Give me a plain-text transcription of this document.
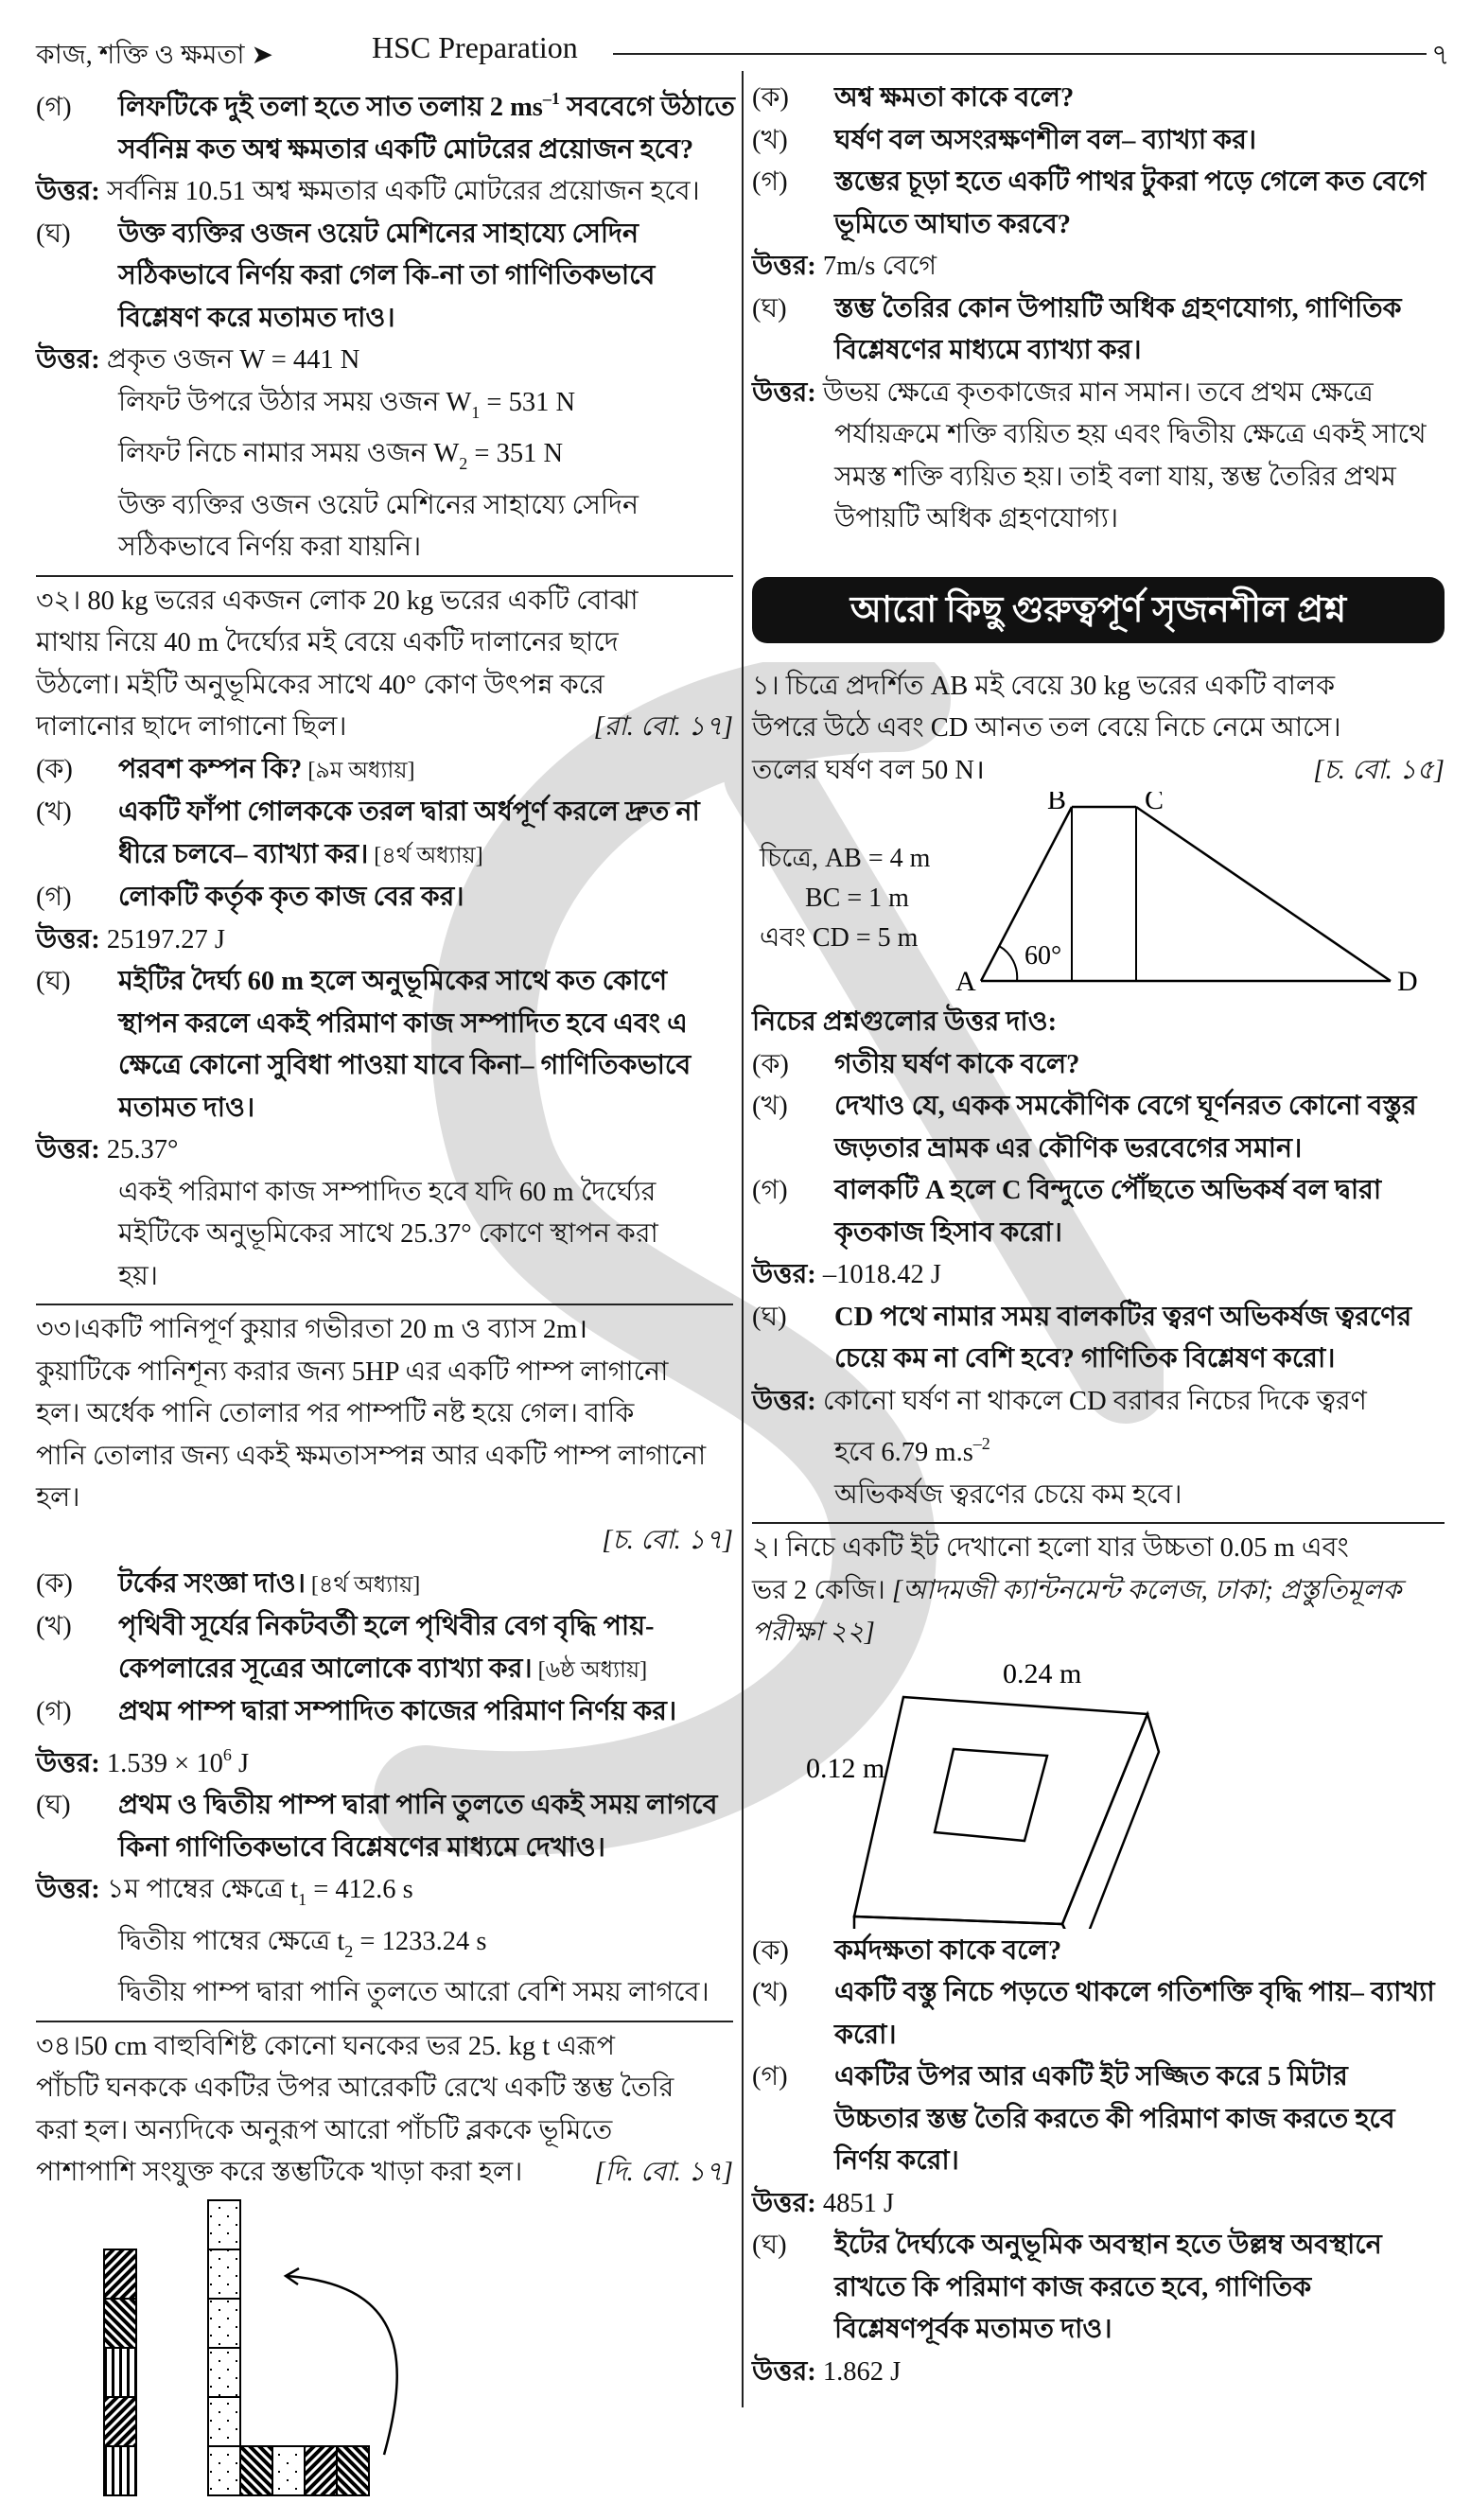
কাজ, শক্তি ও ক্ষমতা ➤	HSC Preparation	৭
(গ) লিফটিকে দুই তলা হতে সাত তলায় 2 $ms^{-1}$ সববেগে উঠাতে
সর্বনিম্ন কত অশ্ব ক্ষমতার একটি মোটরের প্রয়োজন হবে?
উত্তর: সর্বনিম্ন 10.51 অশ্ব ক্ষমতার একটি মোটরের প্রয়োজন হবে।
(ঘ) উক্ত ব্যক্তির ওজন ওয়েট মেশিনের সাহায্যে সেদিন
সঠিকভাবে নির্ণয় করা গেল কি-না তা গাণিতিকভাবে
বিশ্লেষণ করে মতামত দাও।
উত্তর: প্রকৃত ওজন W = 441 N
লিফট উপরে উঠার সময় ওজন $W_1 = 531$ N
লিফট নিচে নামার সময় ওজন $W_2 = 351$ N
উক্ত ব্যক্তির ওজন ওয়েট মেশিনের সাহায্যে সেদিন
সঠিকভাবে নির্ণয় করা যায়নি।
৩২। 80 kg ভরের একজন লোক 20 kg ভরের একটি বোঝা
মাথায় নিয়ে 40 m দৈর্ঘ্যের মই বেয়ে একটি দালানের ছাদে
উঠলো। মইটি অনুভূমিকের সাথে 40° কোণ উৎপন্ন করে
দালানোর ছাদে লাগানো ছিল।	[রা. বো. ১৭]
(ক) পরবশ কম্পন কি? [৯ম অধ্যায়]
(খ) একটি ফাঁপা গোলককে তরল দ্বারা অর্ধপূর্ণ করলে দ্রুত না
ধীরে চলবে– ব্যাখ্যা কর। [৪র্থ অধ্যায়]
(গ) লোকটি কর্তৃক কৃত কাজ বের কর।
উত্তর: 25197.27 J
(ঘ) মইটির দৈর্ঘ্য 60 m হলে অনুভূমিকের সাথে কত কোণে
স্থাপন করলে একই পরিমাণ কাজ সম্পাদিত হবে এবং এ
ক্ষেত্রে কোনো সুবিধা পাওয়া যাবে কিনা– গাণিতিকভাবে
মতামত দাও।
উত্তর: 25.37°
একই পরিমাণ কাজ সম্পাদিত হবে যদি 60 m দৈর্ঘ্যের
মইটিকে অনুভূমিকের সাথে 25.37° কোণে স্থাপন করা
হয়।
৩৩।একটি পানিপূর্ণ কুয়ার গভীরতা 20 m ও ব্যাস 2m।
কুয়াটিকে পানিশূন্য করার জন্য 5HP এর একটি পাম্প লাগানো
হল। অর্ধেক পানি তোলার পর পাম্পটি নষ্ট হয়ে গেল। বাকি
পানি তোলার জন্য একই ক্ষমতাসম্পন্ন আর একটি পাম্প লাগানো
হল।
[চ. বো. ১৭]
(ক) টর্কের সংজ্ঞা দাও। [৪র্থ অধ্যায়]
(খ) পৃথিবী সূর্যের নিকটবর্তী হলে পৃথিবীর বেগ বৃদ্ধি পায়-
কেপলারের সূত্রের আলোকে ব্যাখ্যা কর। [৬ষ্ঠ অধ্যায়]
(গ) প্রথম পাম্প দ্বারা সম্পাদিত কাজের পরিমাণ নির্ণয় কর।
উত্তর: $1.539 \times 10^6$ J
(ঘ) প্রথম ও দ্বিতীয় পাম্প দ্বারা পানি তুলতে একই সময় লাগবে
কিনা গাণিতিকভাবে বিশ্লেষণের মাধ্যমে দেখাও।
উত্তর: ১ম পাম্বের ক্ষেত্রে $t_1 = 412.6$ s
দ্বিতীয় পাম্বের ক্ষেত্রে $t_2 = 1233.24$ s
দ্বিতীয় পাম্প দ্বারা পানি তুলতে আরো বেশি সময় লাগবে।
৩৪।50 cm বাহুবিশিষ্ট কোনো ঘনকের ভর 25. kg t এরূপ
পাঁচটি ঘনককে একটির উপর আরেকটি রেখে একটি স্তম্ভ তৈরি
করা হল। অন্যদিকে অনুরূপ আরো পাঁচটি ব্লককে ভূমিতে
পাশাপাশি সংযুক্ত করে স্তম্ভটিকে খাড়া করা হল।	[দি. বো. ১৭]
(ক) অশ্ব ক্ষমতা কাকে বলে?
(খ) ঘর্ষণ বল অসংরক্ষণশীল বল– ব্যাখ্যা কর।
(গ) স্তম্ভের চূড়া হতে একটি পাথর টুকরা পড়ে গেলে কত বেগে
ভূমিতে আঘাত করবে?
উত্তর: 7m/s বেগে
(ঘ) স্তম্ভ তৈরির কোন উপায়টি অধিক গ্রহণযোগ্য, গাণিতিক
বিশ্লেষণের মাধ্যমে ব্যাখ্যা কর।
উত্তর: উভয় ক্ষেত্রে কৃতকাজের মান সমান। তবে প্রথম ক্ষেত্রে
পর্যায়ক্রমে শক্তি ব্যয়িত হয় এবং দ্বিতীয় ক্ষেত্রে একই সাথে
সমস্ত শক্তি ব্যয়িত হয়। তাই বলা যায়, স্তম্ভ তৈরির প্রথম
উপায়টি অধিক গ্রহণযোগ্য।
আরো কিছু গুরুত্বপূর্ণ সৃজনশীল প্রশ্ন
১। চিত্রে প্রদর্শিত AB মই বেয়ে 30 kg ভরের একটি বালক
উপরে উঠে এবং CD আনত তল বেয়ে নিচে নেমে আসে।
তলের ঘর্ষণ বল 50 N।	[চ. বো. ১৫]
চিত্রে, AB = 4 m
BC = 1 m
এবং CD = 5 m
A
B	C
D
60°
নিচের প্রশ্নগুলোর উত্তর দাও:
(ক) গতীয় ঘর্ষণ কাকে বলে?
(খ) দেখাও যে, একক সমকৌণিক বেগে ঘূর্ণনরত কোনো বস্তুর
জড়তার ভ্রামক এর কৌণিক ভরবেগের সমান।
(গ) বালকটি A হলে C বিন্দুতে পৌঁছতে অভিকর্ষ বল দ্বারা
কৃতকাজ হিসাব করো।
উত্তর: –1018.42 J
(ঘ) CD পথে নামার সময় বালকটির ত্বরণ অভিকর্ষজ ত্বরণের
চেয়ে কম না বেশি হবে? গাণিতিক বিশ্লেষণ করো।
উত্তর: কোনো ঘর্ষণ না থাকলে CD বরাবর নিচের দিকে ত্বরণ
হবে 6.79 $m.s^{-2}$
অভিকর্ষজ ত্বরণের চেয়ে কম হবে।
২। নিচে একটি ইট দেখানো হলো যার উচ্চতা 0.05 m এবং
ভর 2 কেজি। [আদমজী ক্যান্টনমেন্ট কলেজ, ঢাকা; প্রস্তুতিমূলক
পরীক্ষা ২২]
0.24 m
0.12 m
(ক) কর্মদক্ষতা কাকে বলে?
(খ) একটি বস্তু নিচে পড়তে থাকলে গতিশক্তি বৃদ্ধি পায়– ব্যাখ্যা
করো।
(গ) একটির উপর আর একটি ইট সজ্জিত করে 5 মিটার
উচ্চতার স্তম্ভ তৈরি করতে কী পরিমাণ কাজ করতে হবে
নির্ণয় করো।
উত্তর: 4851 J
(ঘ) ইটের দৈর্ঘ্যকে অনুভূমিক অবস্থান হতে উল্লম্ব অবস্থানে
রাখতে কি পরিমাণ কাজ করতে হবে, গাণিতিক
বিশ্লেষণপূর্বক মতামত দাও।
উত্তর: 1.862 J
